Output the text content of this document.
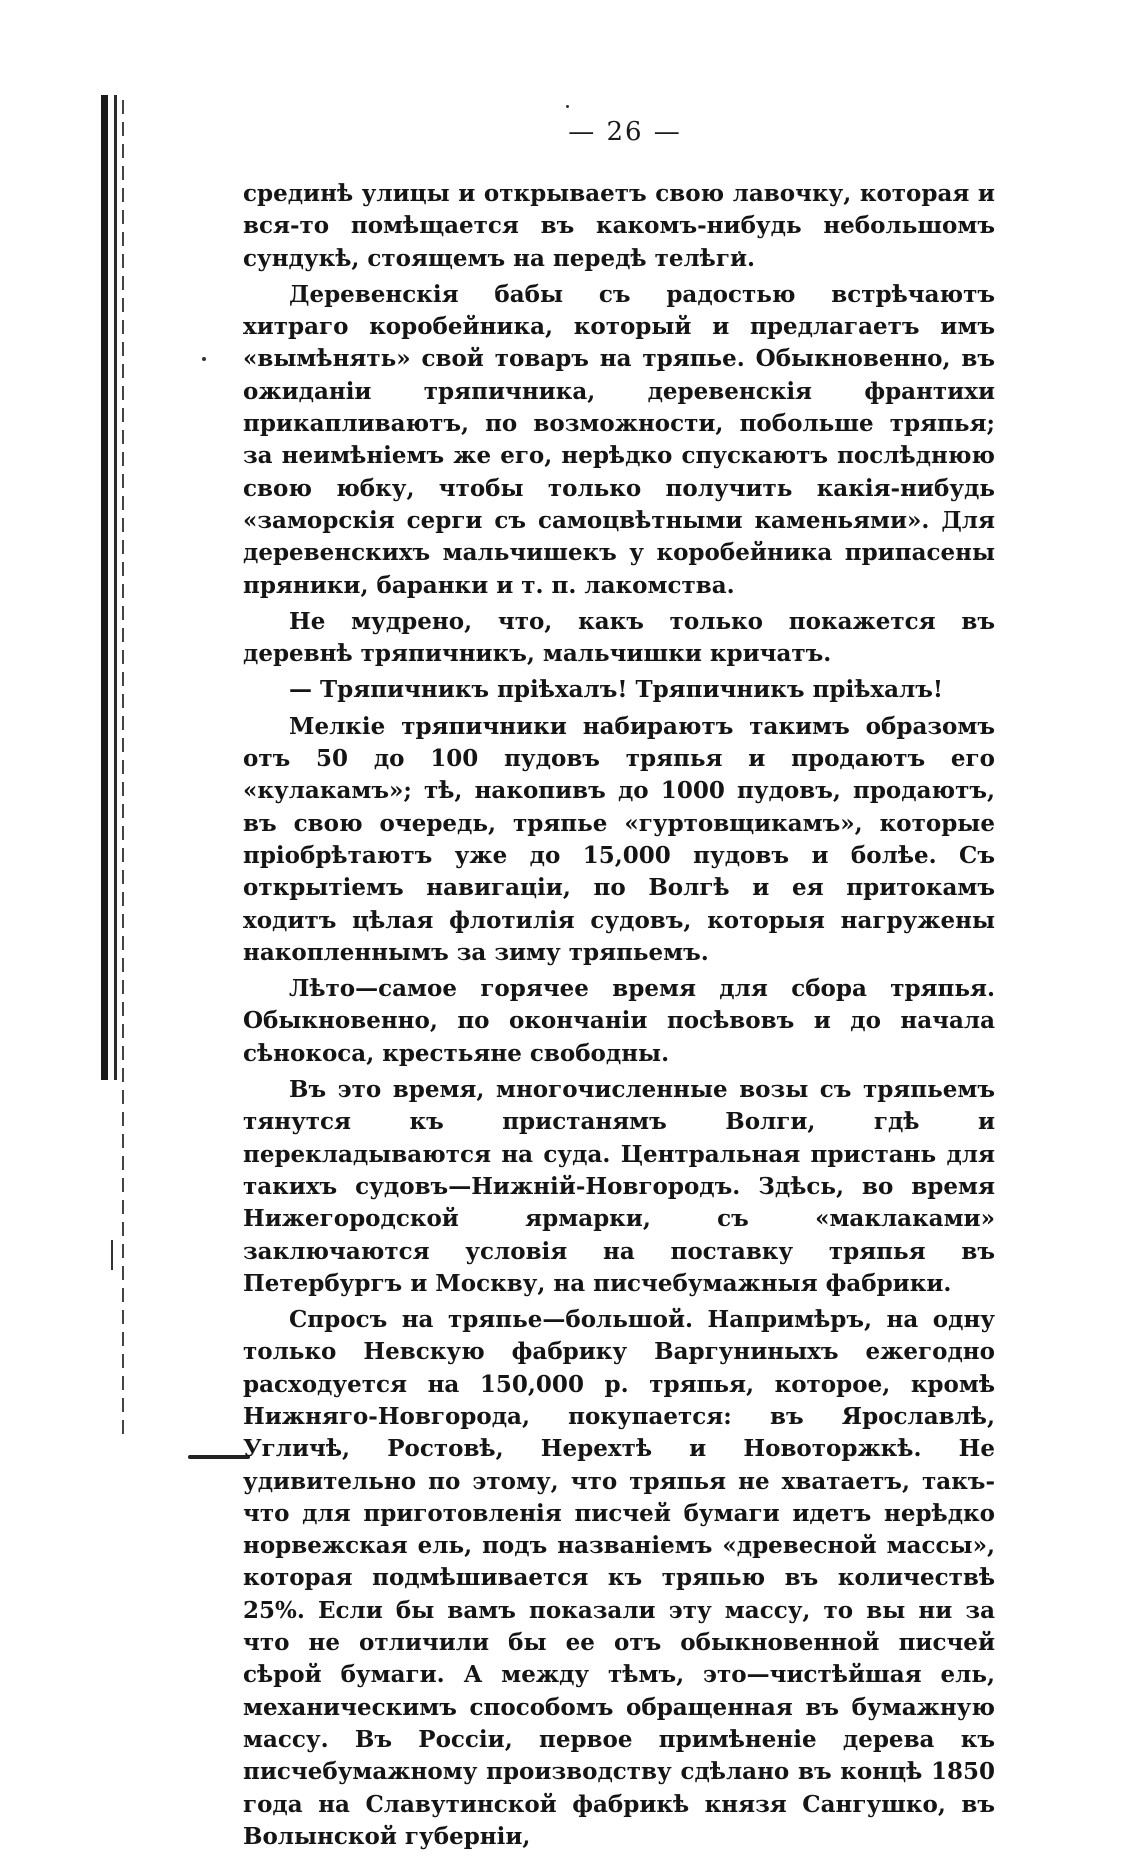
— 26 —

срединѣ улицы и открываетъ свою лавочку, которая и вся-то помѣщается въ какомъ-нибудь небольшомъ сундукѣ, стоящемъ на передѣ телѣги.

Деревенскія бабы съ радостью встрѣчаютъ хитраго коробейника, который и предлагаетъ имъ «вымѣнять» свой товаръ на тряпье. Обыкновенно, въ ожиданіи тряпичника, деревенскія франтихи прикапливаютъ, по возможности, побольше тряпья; за неимѣніемъ же его, нерѣдко спускаютъ послѣднюю свою юбку, чтобы только получить какія-нибудь «заморскія серги съ самоцвѣтными каменьями». Для деревенскихъ мальчишекъ у коробейника припасены пряники, баранки и т. п. лакомства.

Не мудрено, что, какъ только покажется въ деревнѣ тряпичникъ, мальчишки кричатъ.

— Тряпичникъ пріѣхалъ! Тряпичникъ пріѣхалъ!

Мелкіе тряпичники набираютъ такимъ образомъ отъ 50 до 100 пудовъ тряпья и продаютъ его «кулакамъ»; тѣ, накопивъ до 1000 пудовъ, продаютъ, въ свою очередь, тряпье «гуртовщикамъ», которые пріобрѣтаютъ уже до 15,000 пудовъ и болѣе. Съ открытіемъ навигаціи, по Волгѣ и ея притокамъ ходитъ цѣлая флотилія судовъ, которыя нагружены накопленнымъ за зиму тряпьемъ.

Лѣто—самое горячее время для сбора тряпья. Обыкновенно, по окончаніи посѣвовъ и до начала сѣнокоса, крестьяне свободны.

Въ это время, многочисленные возы съ тряпьемъ тянутся къ пристанямъ Волги, гдѣ и перекладываются на суда. Центральная пристань для такихъ судовъ—Нижній-Новгородъ. Здѣсь, во время Нижегородской ярмарки, съ «маклаками» заключаются условія на поставку тряпья въ Петербургъ и Москву, на писчебумажныя фабрики.

Спросъ на тряпье—большой. Напримѣръ, на одну только Невскую фабрику Варгуниныхъ ежегодно расходуется на 150,000 р. тряпья, которое, кромѣ Нижняго-Новгорода, покупается: въ Ярославлѣ, Угличѣ, Ростовѣ, Нерехтѣ и Новоторжкѣ. Не удивительно по этому, что тряпья не хватаетъ, такъ-что для приготовленія писчей бумаги идетъ нерѣдко норвежская ель, подъ названіемъ «древесной массы», которая подмѣшивается къ тряпью въ количествѣ 25%. Если бы вамъ показали эту массу, то вы ни за что не отличили бы ее отъ обыкновенной писчей сѣрой бумаги. А между тѣмъ, это—чистѣйшая ель, механическимъ способомъ обращенная въ бумажную массу. Въ Россіи, первое примѣненіе дерева къ писчебумажному производству сдѣлано въ концѣ 1850 года на Славутинской фабрикѣ князя Сангушко, въ Волынской губерніи,
